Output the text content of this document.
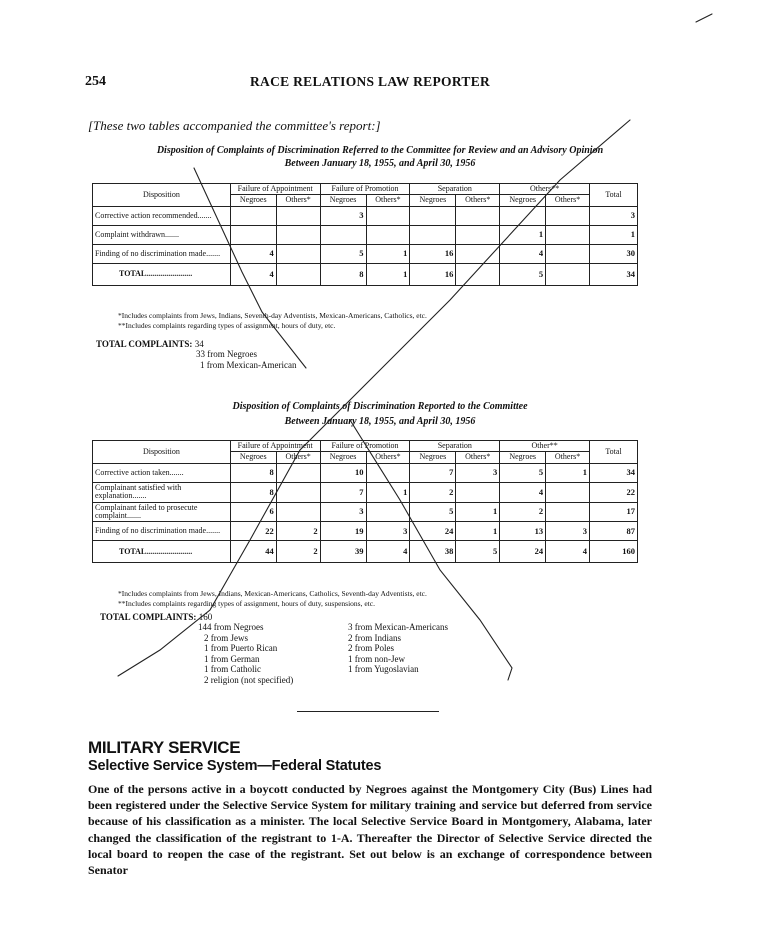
254	RACE RELATIONS LAW REPORTER
[These two tables accompanied the committee's report:]
Disposition of Complaints of Discrimination Referred to the Committee for Review and an Advisory Opinion
Between January 18, 1955, and April 30, 1956
Disposition	Failure of Appointment		Failure of Promotion		Separation		Others**		Total
	Negroes	Others*	Negroes	Others*	Negroes	Others*	Negroes	Others*	
Corrective action recommended.......			3						3
Complaint withdrawn.......							1		1
Finding of no discrimination made.......	4		5	1	16		4		30
TOTAL.......................	4		8	1	16		5		34
*Includes complaints from Jews, Indians, Seventh-day Adventists, Mexican-Americans, Catholics, etc.
**Includes complaints regarding types of assignment, hours of duty, etc.
TOTAL COMPLAINTS: 34
33 from Negroes
1 from Mexican-American
Disposition of Complaints of Discrimination Reported to the Committee
Between January 18, 1955, and April 30, 1956
Disposition	Failure of Appointment		Failure of Promotion		Separation		Other**		Total
	Negroes	Others*	Negroes	Others*	Negroes	Others*	Negroes	Others*	
Corrective action taken.......	8		10		7	3	5	1	34
Complainant satisfied with explanation.......	8		7	1	2		4		22
Complainant failed to prosecute complaint.......	6		3		5	1	2		17
Finding of no discrimination made.......	22	2	19	3	24	1	13	3	87
TOTAL.......................	44	2	39	4	38	5	24	4	160
*Includes complaints from Jews, Indians, Mexican-Americans, Catholics, Seventh-day Adventists, etc.
**Includes complaints regarding types of assignment, hours of duty, suspensions, etc.
TOTAL COMPLAINTS: 160
144 from Negroes
2 from Jews
1 from Puerto Rican
1 from German
1 from Catholic
2 religion (not specified)
3 from Mexican-Americans
2 from Indians
2 from Poles
1 from non-Jew
1 from Yugoslavian
MILITARY SERVICE
Selective Service System—Federal Statutes
One of the persons active in a boycott conducted by Negroes against the Montgomery City (Bus) Lines had been registered under the Selective Service System for military training and service but deferred from service because of his classification as a minister. The local Selective Service Board in Montgomery, Alabama, later changed the classification of the registrant to 1-A. Thereafter the Director of Selective Service directed the local board to reopen the case of the registrant. Set out below is an exchange of correspondence between Senator
